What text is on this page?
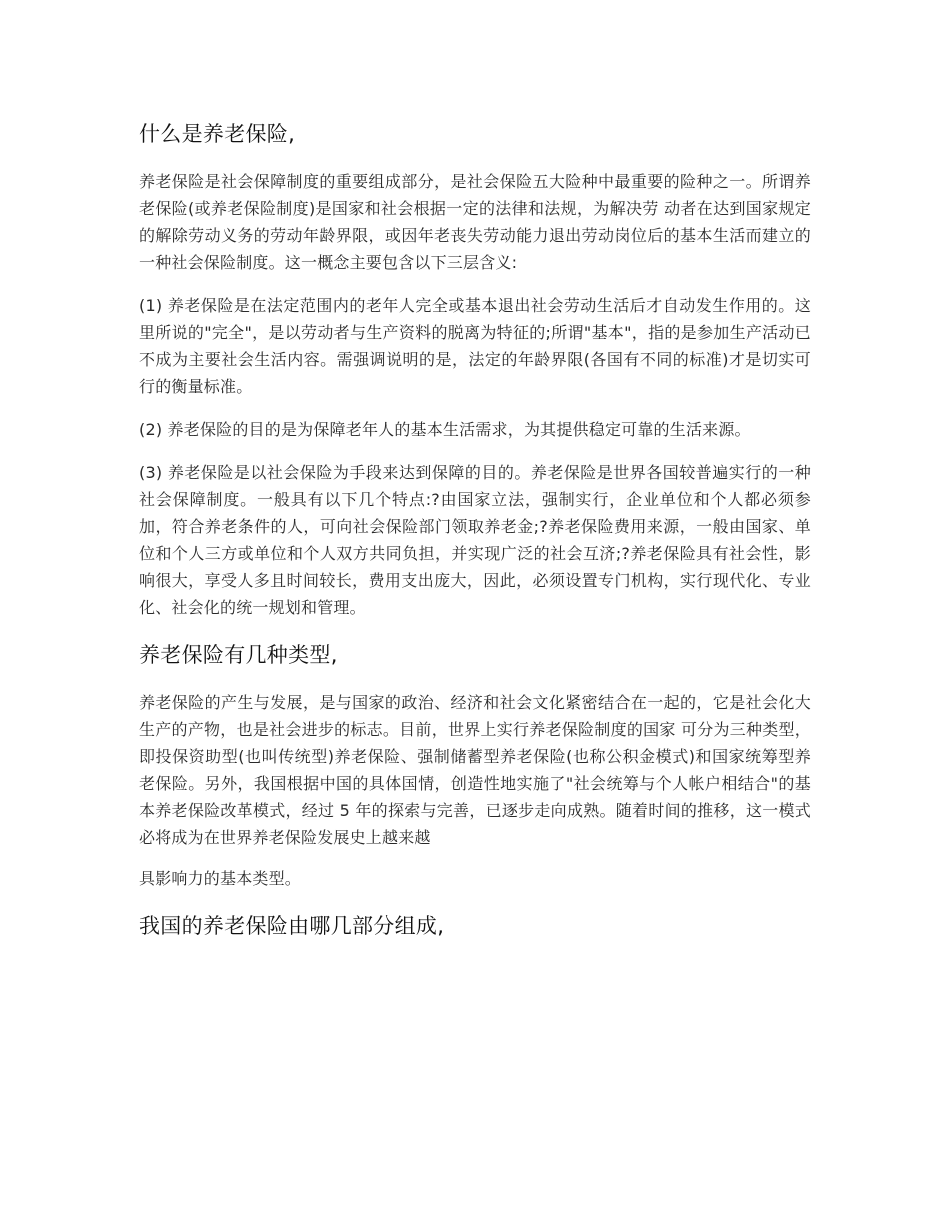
什么是养老保险,

养老保险是社会保障制度的重要组成部分，是社会保险五大险种中最重要的险种之一。所谓养老保险(或养老保险制度)是国家和社会根据一定的法律和法规，为解决劳 动者在达到国家规定的解除劳动义务的劳动年龄界限，或因年老丧失劳动能力退出劳动岗位后的基本生活而建立的一种社会保险制度。这一概念主要包含以下三层含义:

(1) 养老保险是在法定范围内的老年人完全或基本退出社会劳动生活后才自动发生作用的。这里所说的"完全"，是以劳动者与生产资料的脱离为特征的;所谓"基本"，指的是参加生产活动已不成为主要社会生活内容。需强调说明的是，法定的年龄界限(各国有不同的标准)才是切实可行的衡量标准。

(2) 养老保险的目的是为保障老年人的基本生活需求，为其提供稳定可靠的生活来源。

(3) 养老保险是以社会保险为手段来达到保障的目的。养老保险是世界各国较普遍实行的一种社会保障制度。一般具有以下几个特点:?由国家立法，强制实行，企业单位和个人都必须参加，符合养老条件的人，可向社会保险部门领取养老金;?养老保险费用来源，一般由国家、单位和个人三方或单位和个人双方共同负担，并实现广泛的社会互济;?养老保险具有社会性，影响很大，享受人多且时间较长，费用支出庞大，因此，必须设置专门机构，实行现代化、专业化、社会化的统一规划和管理。

养老保险有几种类型,

养老保险的产生与发展，是与国家的政治、经济和社会文化紧密结合在一起的，它是社会化大生产的产物，也是社会进步的标志。目前，世界上实行养老保险制度的国家 可分为三种类型，即投保资助型(也叫传统型)养老保险、强制储蓄型养老保险(也称公积金模式)和国家统筹型养老保险。另外，我国根据中国的具体国情，创造性地实施了"社会统筹与个人帐户相结合"的基本养老保险改革模式，经过 5 年的探索与完善，已逐步走向成熟。随着时间的推移，这一模式必将成为在世界养老保险发展史上越来越

具影响力的基本类型。

我国的养老保险由哪几部分组成,
